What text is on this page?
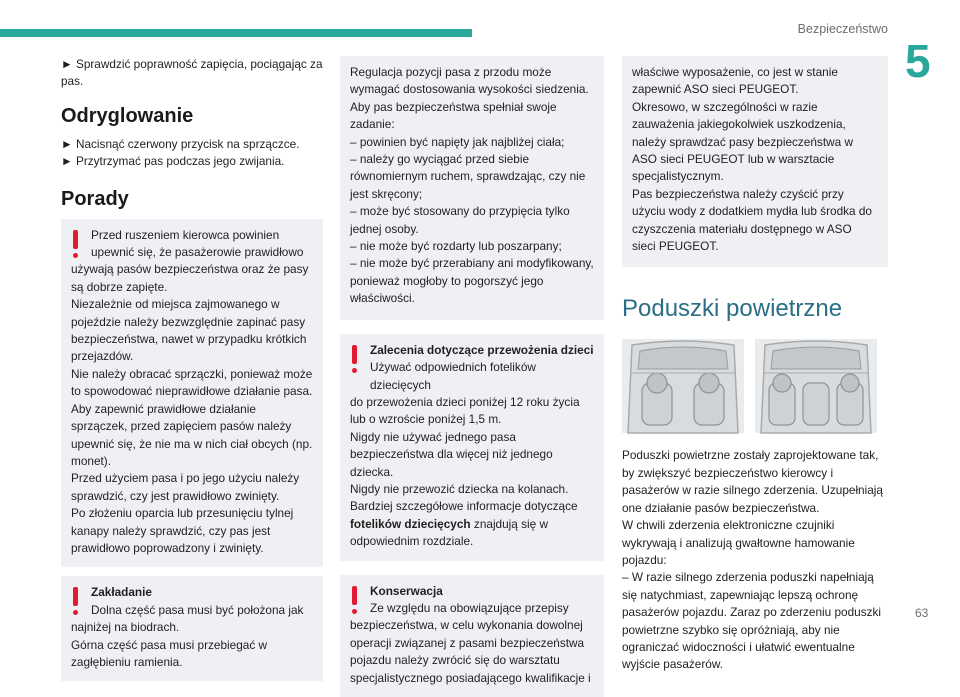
Bezpieczeństwo
5
63

► Sprawdzić poprawność zapięcia, pociągając za pas.

Odryglowanie
► Nacisnąć czerwony przycisk na sprzączce.
► Przytrzymać pas podczas jego zwijania.
Porady
Przed ruszeniem kierowca powinien upewnić się, że pasażerowie prawidłowo
używają pasów bezpieczeństwa oraz że pasy są dobrze zapięte.
Niezależnie od miejsca zajmowanego w pojeździe należy bezwzględnie zapinać pasy bezpieczeństwa, nawet w przypadku krótkich przejazdów.
Nie należy obracać sprzączki, ponieważ może to spowodować nieprawidłowe działanie pasa.
Aby zapewnić prawidłowe działanie sprzączek, przed zapięciem pasów należy upewnić się, że nie ma w nich ciał obcych (np. monet).
Przed użyciem pasa i po jego użyciu należy sprawdzić, czy jest prawidłowo zwinięty.
Po złożeniu oparcia lub przesunięciu tylnej kanapy należy sprawdzić, czy pas jest prawidłowo poprowadzony i zwinięty.
Zakładanie
Dolna część pasa musi być położona jak
najniżej na biodrach.
Górna część pasa musi przebiegać w zagłębieniu ramienia.
Regulacja pozycji pasa z przodu może wymagać dostosowania wysokości siedzenia.
Aby pas bezpieczeństwa spełniał swoje zadanie:
– powinien być napięty jak najbliżej ciała;
– należy go wyciągać przed siebie równomiernym ruchem, sprawdzając, czy nie jest skręcony;
– może być stosowany do przypięcia tylko jednej osoby.
– nie może być rozdarty lub poszarpany;
– nie może być przerabiany ani modyfikowany, ponieważ mogłoby to pogorszyć jego właściwości.
Zalecenia dotyczące przewożenia dzieci
Używać odpowiednich fotelików dziecięcych
do przewożenia dzieci poniżej 12 roku życia lub o wzroście poniżej 1,5 m.
Nigdy nie używać jednego pasa bezpieczeństwa dla więcej niż jednego dziecka.
Nigdy nie przewozić dziecka na kolanach.
Bardziej szczegółowe informacje dotyczące fotelików dziecięcych znajdują się w odpowiednim rozdziale.
Konserwacja
Ze względu na obowiązujące przepisy
bezpieczeństwa, w celu wykonania dowolnej operacji związanej z pasami bezpieczeństwa pojazdu należy zwrócić się do warsztatu specjalistycznego posiadającego kwalifikacje i
właściwe wyposażenie, co jest w stanie zapewnić ASO sieci PEUGEOT.
Okresowo, w szczególności w razie zauważenia jakiegokolwiek uszkodzenia, należy sprawdzać pasy bezpieczeństwa w ASO sieci PEUGEOT lub w warsztacie specjalistycznym.
Pas bezpieczeństwa należy czyścić przy użyciu wody z dodatkiem mydła lub środka do czyszczenia materiału dostępnego w ASO sieci PEUGEOT.
Poduszki powietrzne
Poduszki powietrzne zostały zaprojektowane tak, by zwiększyć bezpieczeństwo kierowcy i pasażerów w razie silnego zderzenia. Uzupełniają one działanie pasów bezpieczeństwa.
W chwili zderzenia elektroniczne czujniki wykrywają i analizują gwałtowne hamowanie pojazdu:
– W razie silnego zderzenia poduszki napełniają się natychmiast, zapewniając lepszą ochronę pasażerów pojazdu. Zaraz po zderzeniu poduszki powietrzne szybko się opróżniają, aby nie ograniczać widoczności i ułatwić ewentualne wyjście pasażerów.
